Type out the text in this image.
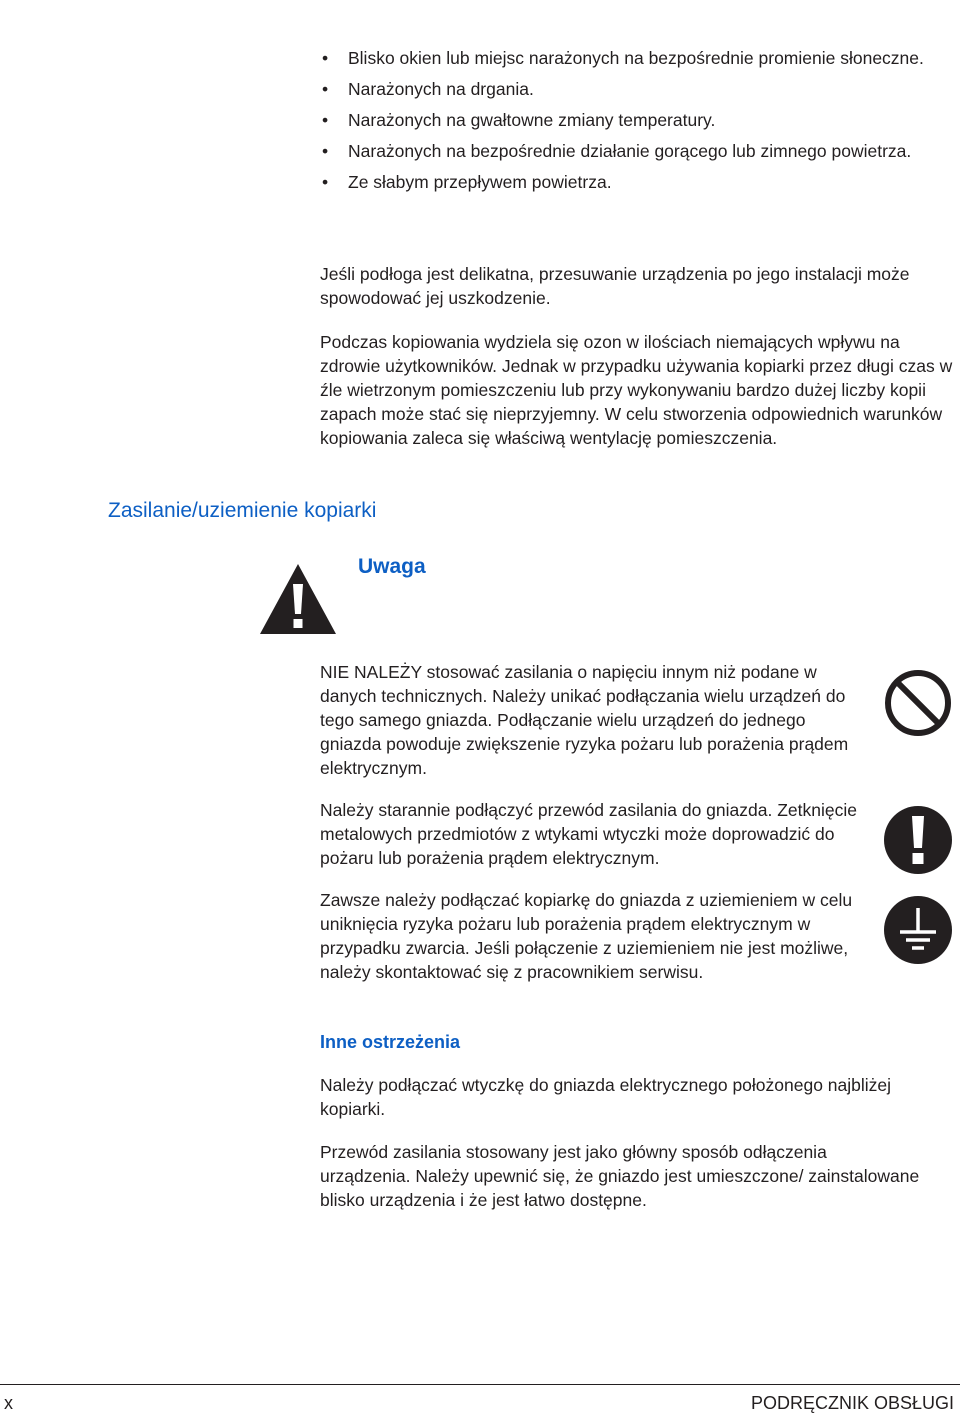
• Blisko okien lub miejsc narażonych na bezpośrednie promienie słoneczne.
• Narażonych na drgania.
• Narażonych na gwałtowne zmiany temperatury.
• Narażonych na bezpośrednie działanie gorącego lub zimnego powietrza.
• Ze słabym przepływem powietrza.

Jeśli podłoga jest delikatna, przesuwanie urządzenia po jego instalacji może spowodować jej uszkodzenie.

Podczas kopiowania wydziela się ozon w ilościach niemających wpływu na zdrowie użytkowników. Jednak w przypadku używania kopiarki przez długi czas w źle wietrzonym pomieszczeniu lub przy wykonywaniu bardzo dużej liczby kopii zapach może stać się nieprzyjemny. W celu stworzenia odpowiednich warunków kopiowania zaleca się właściwą wentylację pomieszczenia.

Zasilanie/uziemienie kopiarki
Uwaga

NIE NALEŻY stosować zasilania o napięciu innym niż podane w danych technicznych. Należy unikać podłączania wielu urządzeń do tego samego gniazda. Podłączanie wielu urządzeń do jednego gniazda powoduje zwiększenie ryzyka pożaru lub porażenia prądem elektrycznym.

Należy starannie podłączyć przewód zasilania do gniazda. Zetknięcie metalowych przedmiotów z wtykami wtyczki może doprowadzić do pożaru lub porażenia prądem elektrycznym.

Zawsze należy podłączać kopiarkę do gniazda z uziemieniem w celu uniknięcia ryzyka pożaru lub porażenia prądem elektrycznym w przypadku zwarcia. Jeśli połączenie z uziemieniem nie jest możliwe, należy skontaktować się z pracownikiem serwisu.

Inne ostrzeżenia

Należy podłączać wtyczkę do gniazda elektrycznego położonego najbliżej kopiarki.

Przewód zasilania stosowany jest jako główny sposób odłączenia urządzenia. Należy upewnić się, że gniazdo jest umieszczone/ zainstalowane blisko urządzenia i że jest łatwo dostępne.

x	PODRĘCZNIK OBSŁUGI
